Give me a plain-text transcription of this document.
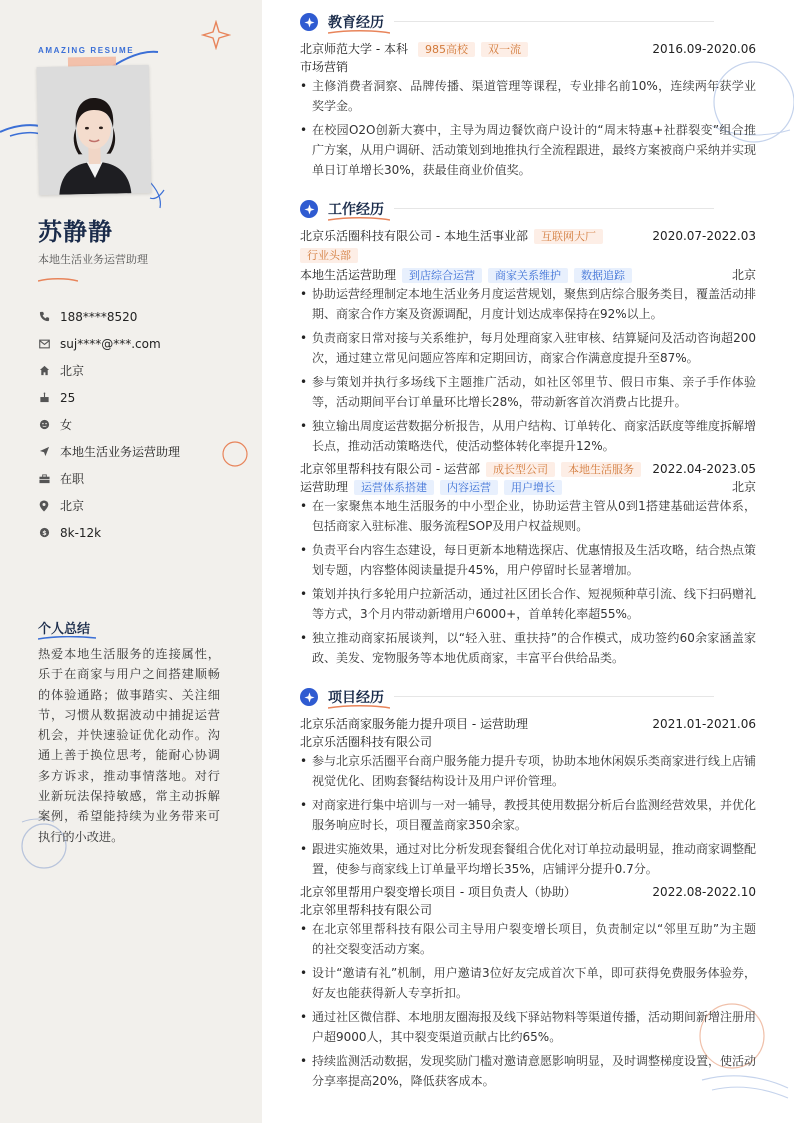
AMAZING RESUME
苏静静
本地生活业务运营助理
188****8520
suj****@***.com
北京
25
女
本地生活业务运营助理
在职
北京
$ 8k-12k
个人总结
热爱本地生活服务的连接属性，乐于在商家与用户之间搭建顺畅的体验通路；做事踏实、关注细节，习惯从数据波动中捕捉运营机会，并快速验证优化动作。沟通上善于换位思考，能耐心协调多方诉求，推动事情落地。对行业新玩法保持敏感，常主动拆解案例，希望能持续为业务带来可执行的小改进。
教育经历
北京师范大学 - 本科	985高校	双一流	2016.09-2020.06
市场营销
• 主修消费者洞察、品牌传播、渠道管理等课程，专业排名前10%，连续两年获学业奖学金。
• 在校园O2O创新大赛中，主导为周边餐饮商户设计的“周末特惠+社群裂变”组合推广方案，从用户调研、活动策划到地推执行全流程跟进，最终方案被商户采纳并实现单日订单增长30%，获最佳商业价值奖。
工作经历
北京乐活圈科技有限公司 - 本地生活事业部	互联网大厂	2020.07-2022.03
行业头部
本地生活运营助理	到店综合运营	商家关系维护	数据追踪	北京
• 协助运营经理制定本地生活业务月度运营规划，聚焦到店综合服务类目，覆盖活动排期、商家合作方案及资源调配，月度计划达成率保持在92%以上。
• 负责商家日常对接与关系维护，每月处理商家入驻审核、结算疑问及活动咨询超200次，通过建立常见问题应答库和定期回访，商家合作满意度提升至87%。
• 参与策划并执行多场线下主题推广活动，如社区邻里节、假日市集、亲子手作体验等，活动期间平台订单量环比增长28%，带动新客首次消费占比提升。
• 独立输出周度运营数据分析报告，从用户结构、订单转化、商家活跃度等维度拆解增长点，推动活动策略迭代，使活动整体转化率提升12%。
北京邻里帮科技有限公司 - 运营部	成长型公司	本地生活服务	2022.04-2023.05
运营助理	运营体系搭建	内容运营	用户增长	北京
• 在一家聚焦本地生活服务的中小型企业，协助运营主管从0到1搭建基础运营体系，包括商家入驻标准、服务流程SOP及用户权益规则。
• 负责平台内容生态建设，每日更新本地精选探店、优惠情报及生活攻略，结合热点策划专题，内容整体阅读量提升45%，用户停留时长显著增加。
• 策划并执行多轮用户拉新活动，通过社区团长合作、短视频种草引流、线下扫码赠礼等方式，3个月内带动新增用户6000+，首单转化率超55%。
• 独立推动商家拓展谈判，以“轻入驻、重扶持”的合作模式，成功签约60余家涵盖家政、美发、宠物服务等本地优质商家，丰富平台供给品类。
项目经历
北京乐活商家服务能力提升项目 - 运营助理	2021.01-2021.06
北京乐活圈科技有限公司
• 参与北京乐活圈平台商户服务能力提升专项，协助本地休闲娱乐类商家进行线上店铺视觉优化、团购套餐结构设计及用户评价管理。
• 对商家进行集中培训与一对一辅导，教授其使用数据分析后台监测经营效果，并优化服务响应时长，项目覆盖商家350余家。
• 跟进实施效果，通过对比分析发现套餐组合优化对订单拉动最明显，推动商家调整配置，使参与商家线上订单量平均增长35%，店铺评分提升0.7分。
北京邻里帮用户裂变增长项目 - 项目负责人（协助）	2022.08-2022.10
北京邻里帮科技有限公司
• 在北京邻里帮科技有限公司主导用户裂变增长项目，负责制定以“邻里互助”为主题的社交裂变活动方案。
• 设计“邀请有礼”机制，用户邀请3位好友完成首次下单，即可获得免费服务体验券，好友也能获得新人专享折扣。
• 通过社区微信群、本地朋友圈海报及线下驿站物料等渠道传播，活动期间新增注册用户超9000人，其中裂变渠道贡献占比约65%。
• 持续监测活动数据，发现奖励门槛对邀请意愿影响明显，及时调整梯度设置，使活动分享率提高20%，降低获客成本。
